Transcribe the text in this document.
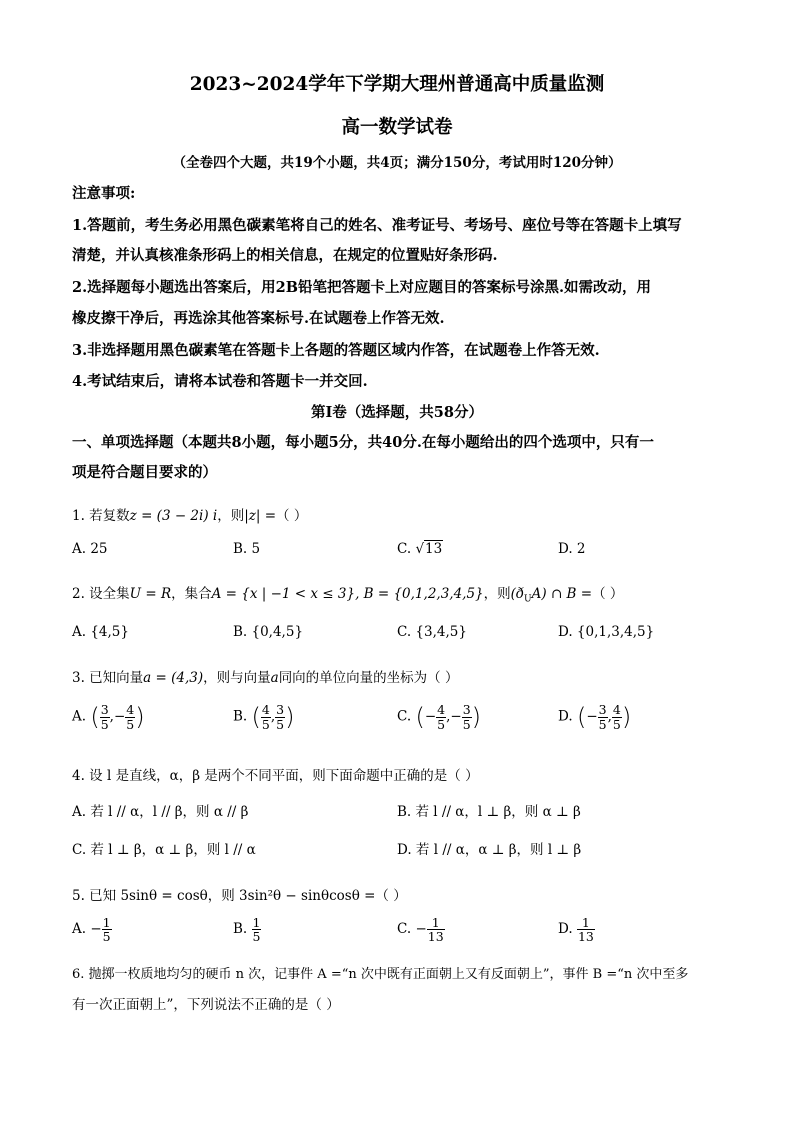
2023~2024学年下学期大理州普通高中质量监测
高一数学试卷
（全卷四个大题，共19个小题，共4页；满分150分，考试用时120分钟）
注意事项:
1.答题前，考生务必用黑色碳素笔将自己的姓名、准考证号、考场号、座位号等在答题卡上填写
清楚，并认真核准条形码上的相关信息，在规定的位置贴好条形码.
2.选择题每小题选出答案后，用2B铅笔把答题卡上对应题目的答案标号涂黑.如需改动，用
橡皮擦干净后，再选涂其他答案标号.在试题卷上作答无效.
3.非选择题用黑色碳素笔在答题卡上各题的答题区域内作答，在试题卷上作答无效.
4.考试结束后，请将本试卷和答题卡一并交回.
第Ⅰ卷（选择题，共58分）
一、单项选择题（本题共8小题，每小题5分，共40分.在每小题给出的四个选项中，只有一
项是符合题目要求的）
1. 若复数z = (3 − 2i) i，则|z| =（ ）
A. 25	B. 5	C. √13	D. 2
2. 设全集U = R，集合A = {x | −1 < x ≤ 3}, B = {0,1,2,3,4,5}，则$(ð_UA)$ ∩ B =（ ）
A. {4,5}	B. {0,4,5}	C. {3,4,5}	D. {0,1,3,4,5}
3. 已知向量a = (4,3)，则与向量a同向的单位向量的坐标为（ ）
A. ( $\frac{3}{5}$ ,− $\frac{4}{5}$ )	B. ( $\frac{4}{5}$ , $\frac{3}{5}$ )	C. (− $\frac{4}{5}$ ,− $\frac{3}{5}$ )	D. (− $\frac{3}{5}$ , $\frac{4}{5}$ )
4. 设 l 是直线，α，β 是两个不同平面，则下面命题中正确的是（ ）
A. 若 l // α，l // β，则 α // β	B. 若 l // α，l ⊥ β，则 α ⊥ β
C. 若 l ⊥ β，α ⊥ β，则 l // α	D. 若 l // α，α ⊥ β，则 l ⊥ β
5. 已知 5sinθ = cosθ，则 3sin²θ − sinθcosθ =（ ）
A. − $\frac{1}{5}$	B. $\frac{1}{5}$	C. − $\frac{1}{13}$	D. $\frac{1}{13}$
6. 抛掷一枚质地均匀的硬币 n 次，记事件 A =“n 次中既有正面朝上又有反面朝上”，事件 B =“n 次中至多
有一次正面朝上”，下列说法不正确的是（ ）
